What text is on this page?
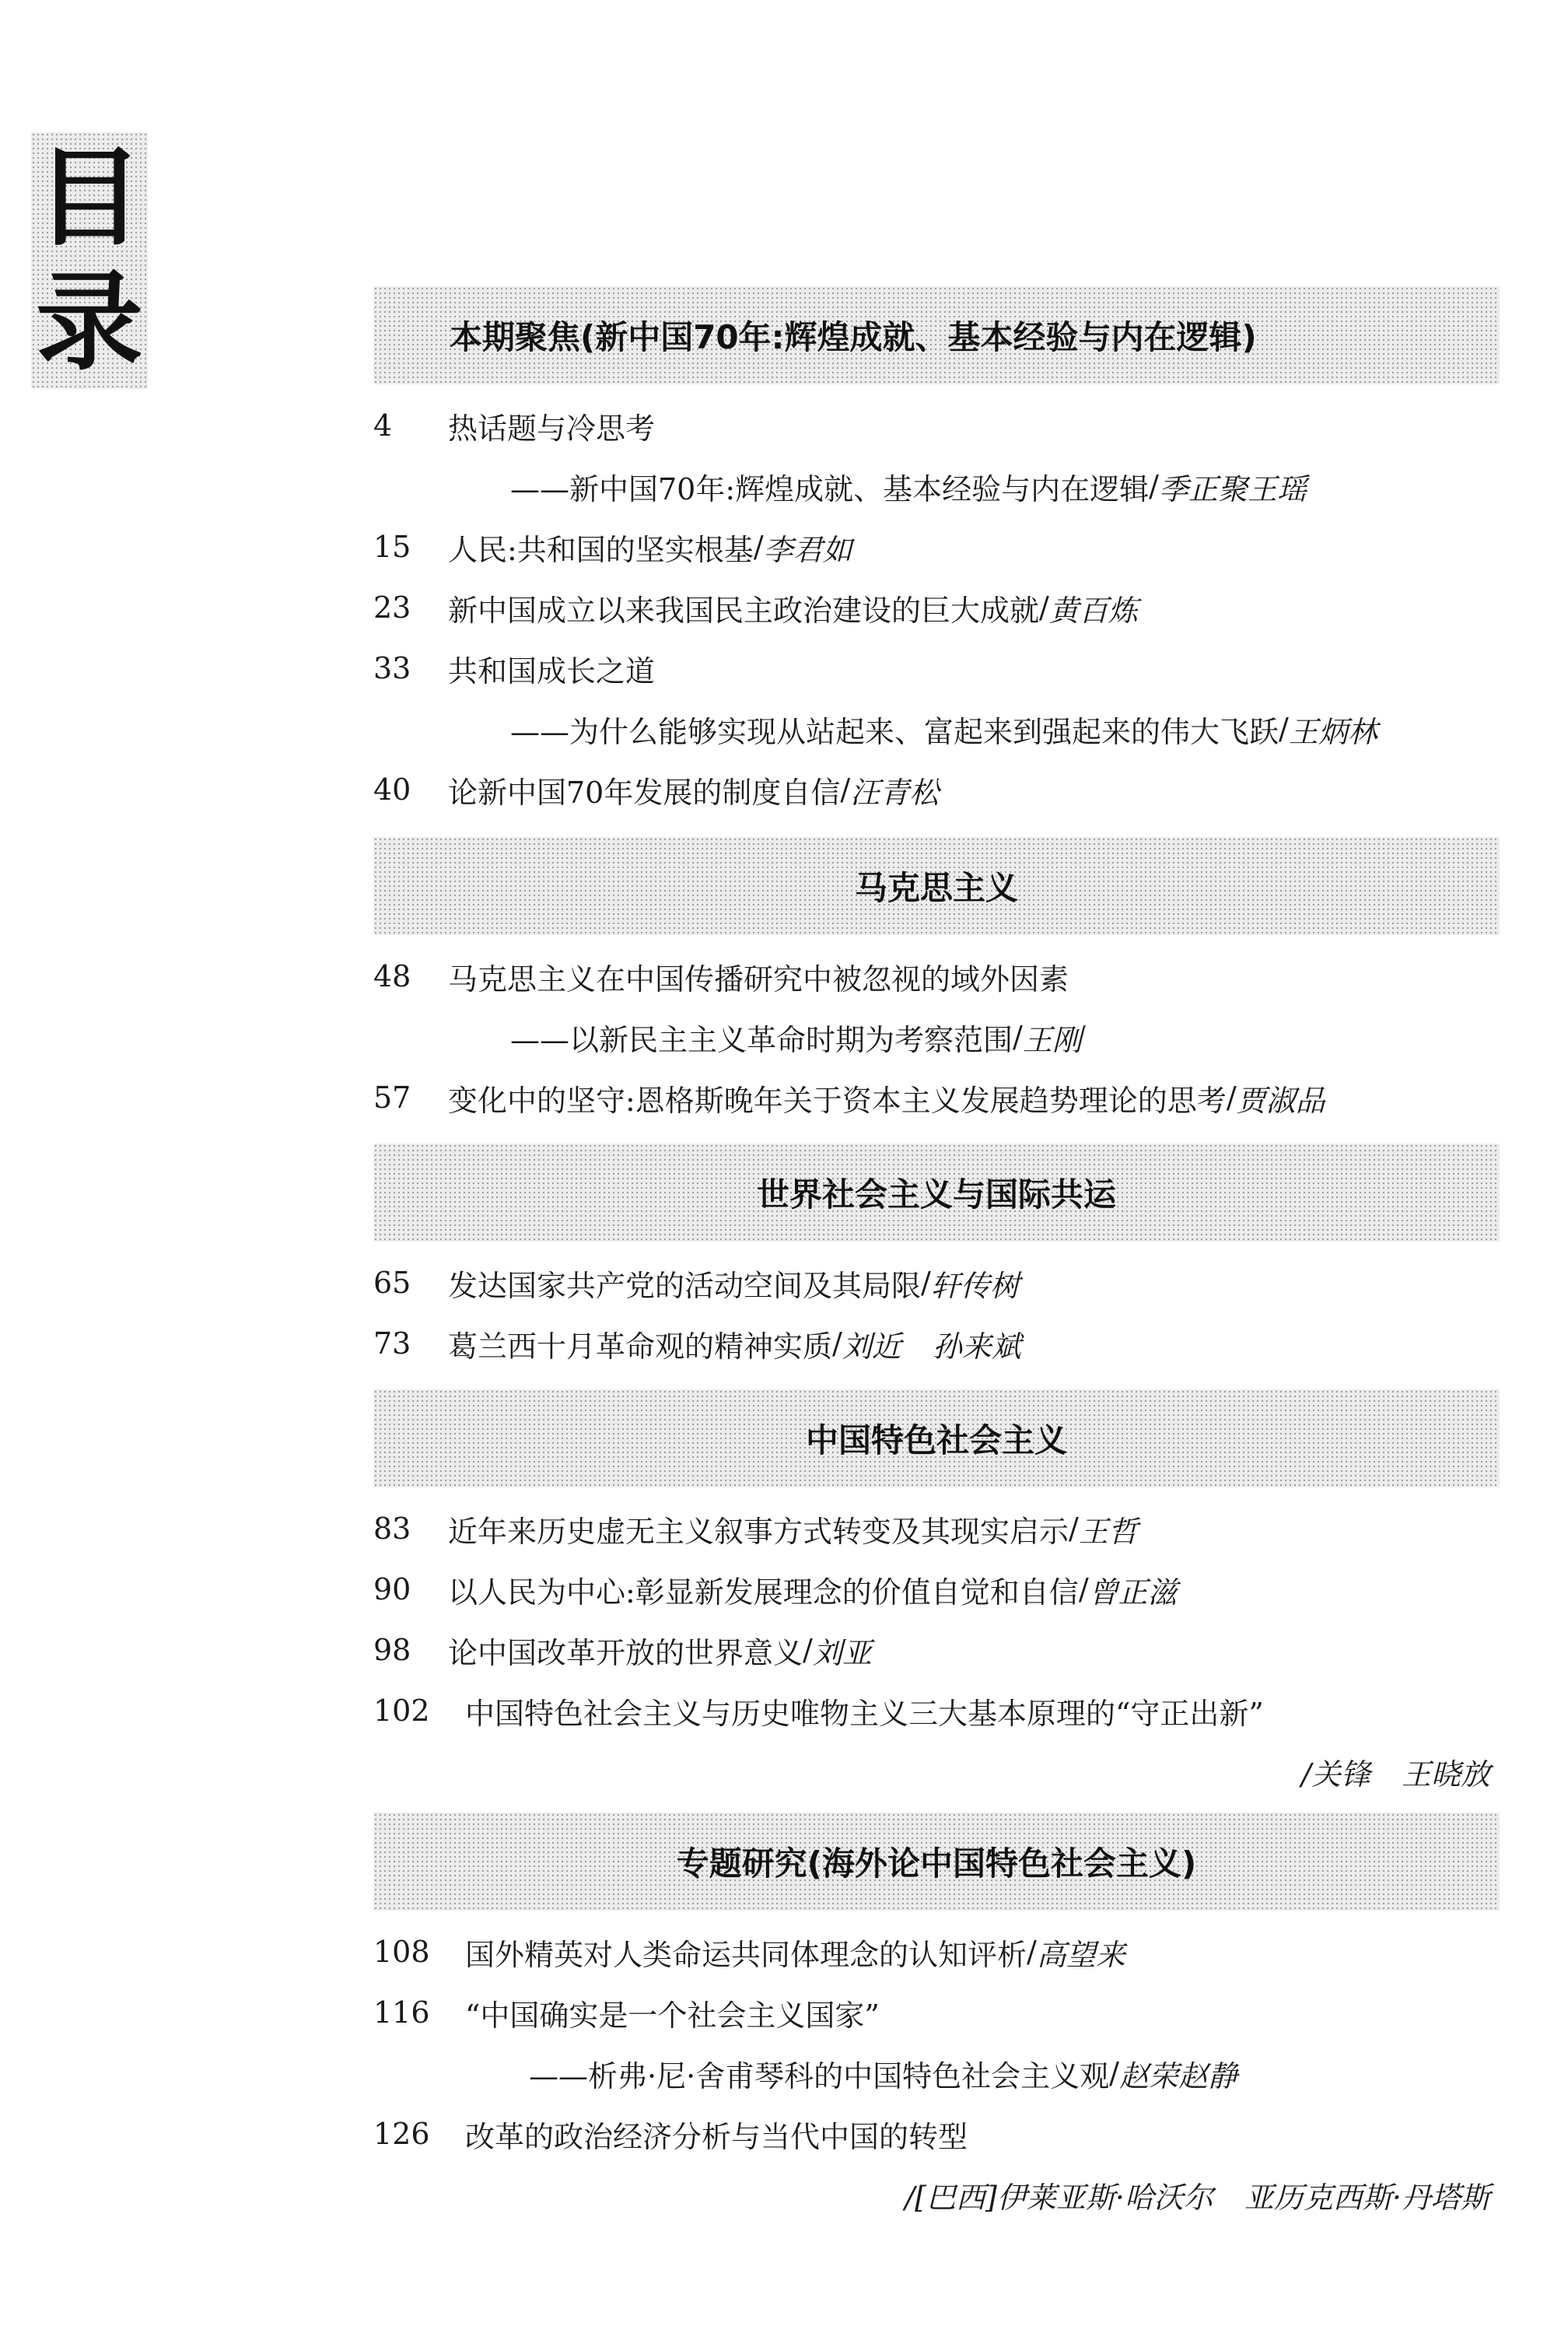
目
录	本期聚焦(新中国70年:辉煌成就、基本经验与内在逻辑)
4	热话题与冷思考
——新中国70年:辉煌成就、基本经验与内在逻辑 / 季正聚 王瑶
15	人民:共和国的坚实根基 / 李君如
23	新中国成立以来我国民主政治建设的巨大成就 / 黄百炼
33	共和国成长之道
——为什么能够实现从站起来、富起来到强起来的伟大飞跃 / 王炳林
40	论新中国70年发展的制度自信 / 汪青松
马克思主义
48	马克思主义在中国传播研究中被忽视的域外因素
——以新民主主义革命时期为考察范围 / 王刚
57	变化中的坚守:恩格斯晚年关于资本主义发展趋势理论的思考 / 贾淑品
世界社会主义与国际共运
65	发达国家共产党的活动空间及其局限 / 轩传树
73	葛兰西十月革命观的精神实质 / 刘近 孙来斌
中国特色社会主义
83	近年来历史虚无主义叙事方式转变及其现实启示 / 王哲
90	以人民为中心:彰显新发展理念的价值自觉和自信 / 曾正滋
98	论中国改革开放的世界意义 / 刘亚
102	中国特色社会主义与历史唯物主义三大基本原理的“守正出新”
/关锋 王晓放
专题研究(海外论中国特色社会主义)
108	国外精英对人类命运共同体理念的认知评析 / 高望来
116	“中国确实是一个社会主义国家”
——析弗·尼·舍甫琴科的中国特色社会主义观 / 赵荣 赵静
126	改革的政治经济分析与当代中国的转型
/[巴西]伊莱亚斯·哈沃尔 亚历克西斯·丹塔斯
